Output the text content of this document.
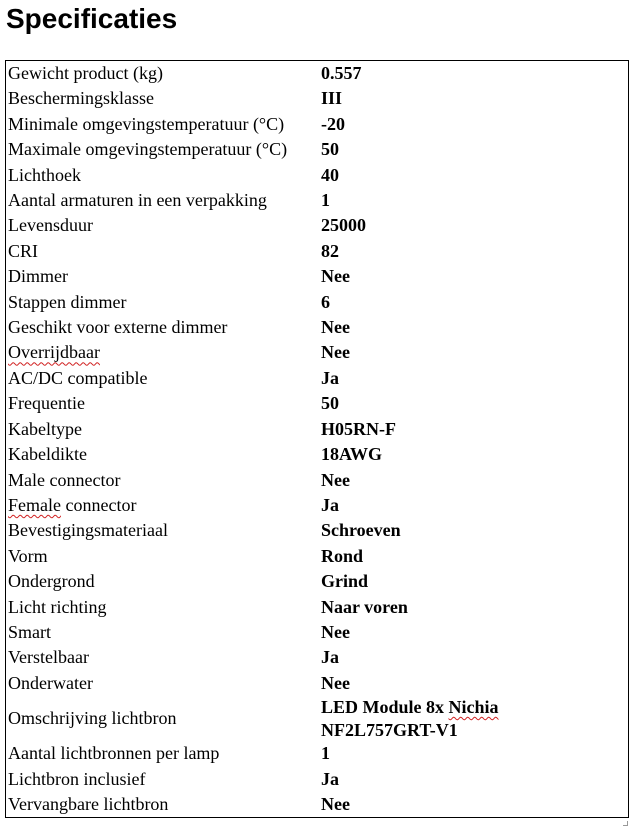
Specificaties
Gewicht product (kg)	0.557
Beschermingsklasse	III
Minimale omgevingstemperatuur (°C)	-20
Maximale omgevingstemperatuur (°C)	50
Lichthoek	40
Aantal armaturen in een verpakking	1
Levensduur	25000
CRI	82
Dimmer	Nee
Stappen dimmer	6
Geschikt voor externe dimmer	Nee
Overrijdbaar	Nee
AC/DC compatible	Ja
Frequentie	50
Kabeltype	H05RN-F
Kabeldikte	18AWG
Male connector	Nee
Female connector	Ja
Bevestigingsmateriaal	Schroeven
Vorm	Rond
Ondergrond	Grind
Licht richting	Naar voren
Smart	Nee
Verstelbaar	Ja
Onderwater	Nee
Omschrijving lichtbron	LED Module 8x Nichia
NF2L757GRT-V1
Aantal lichtbronnen per lamp	1
Lichtbron inclusief	Ja
Vervangbare lichtbron	Nee
